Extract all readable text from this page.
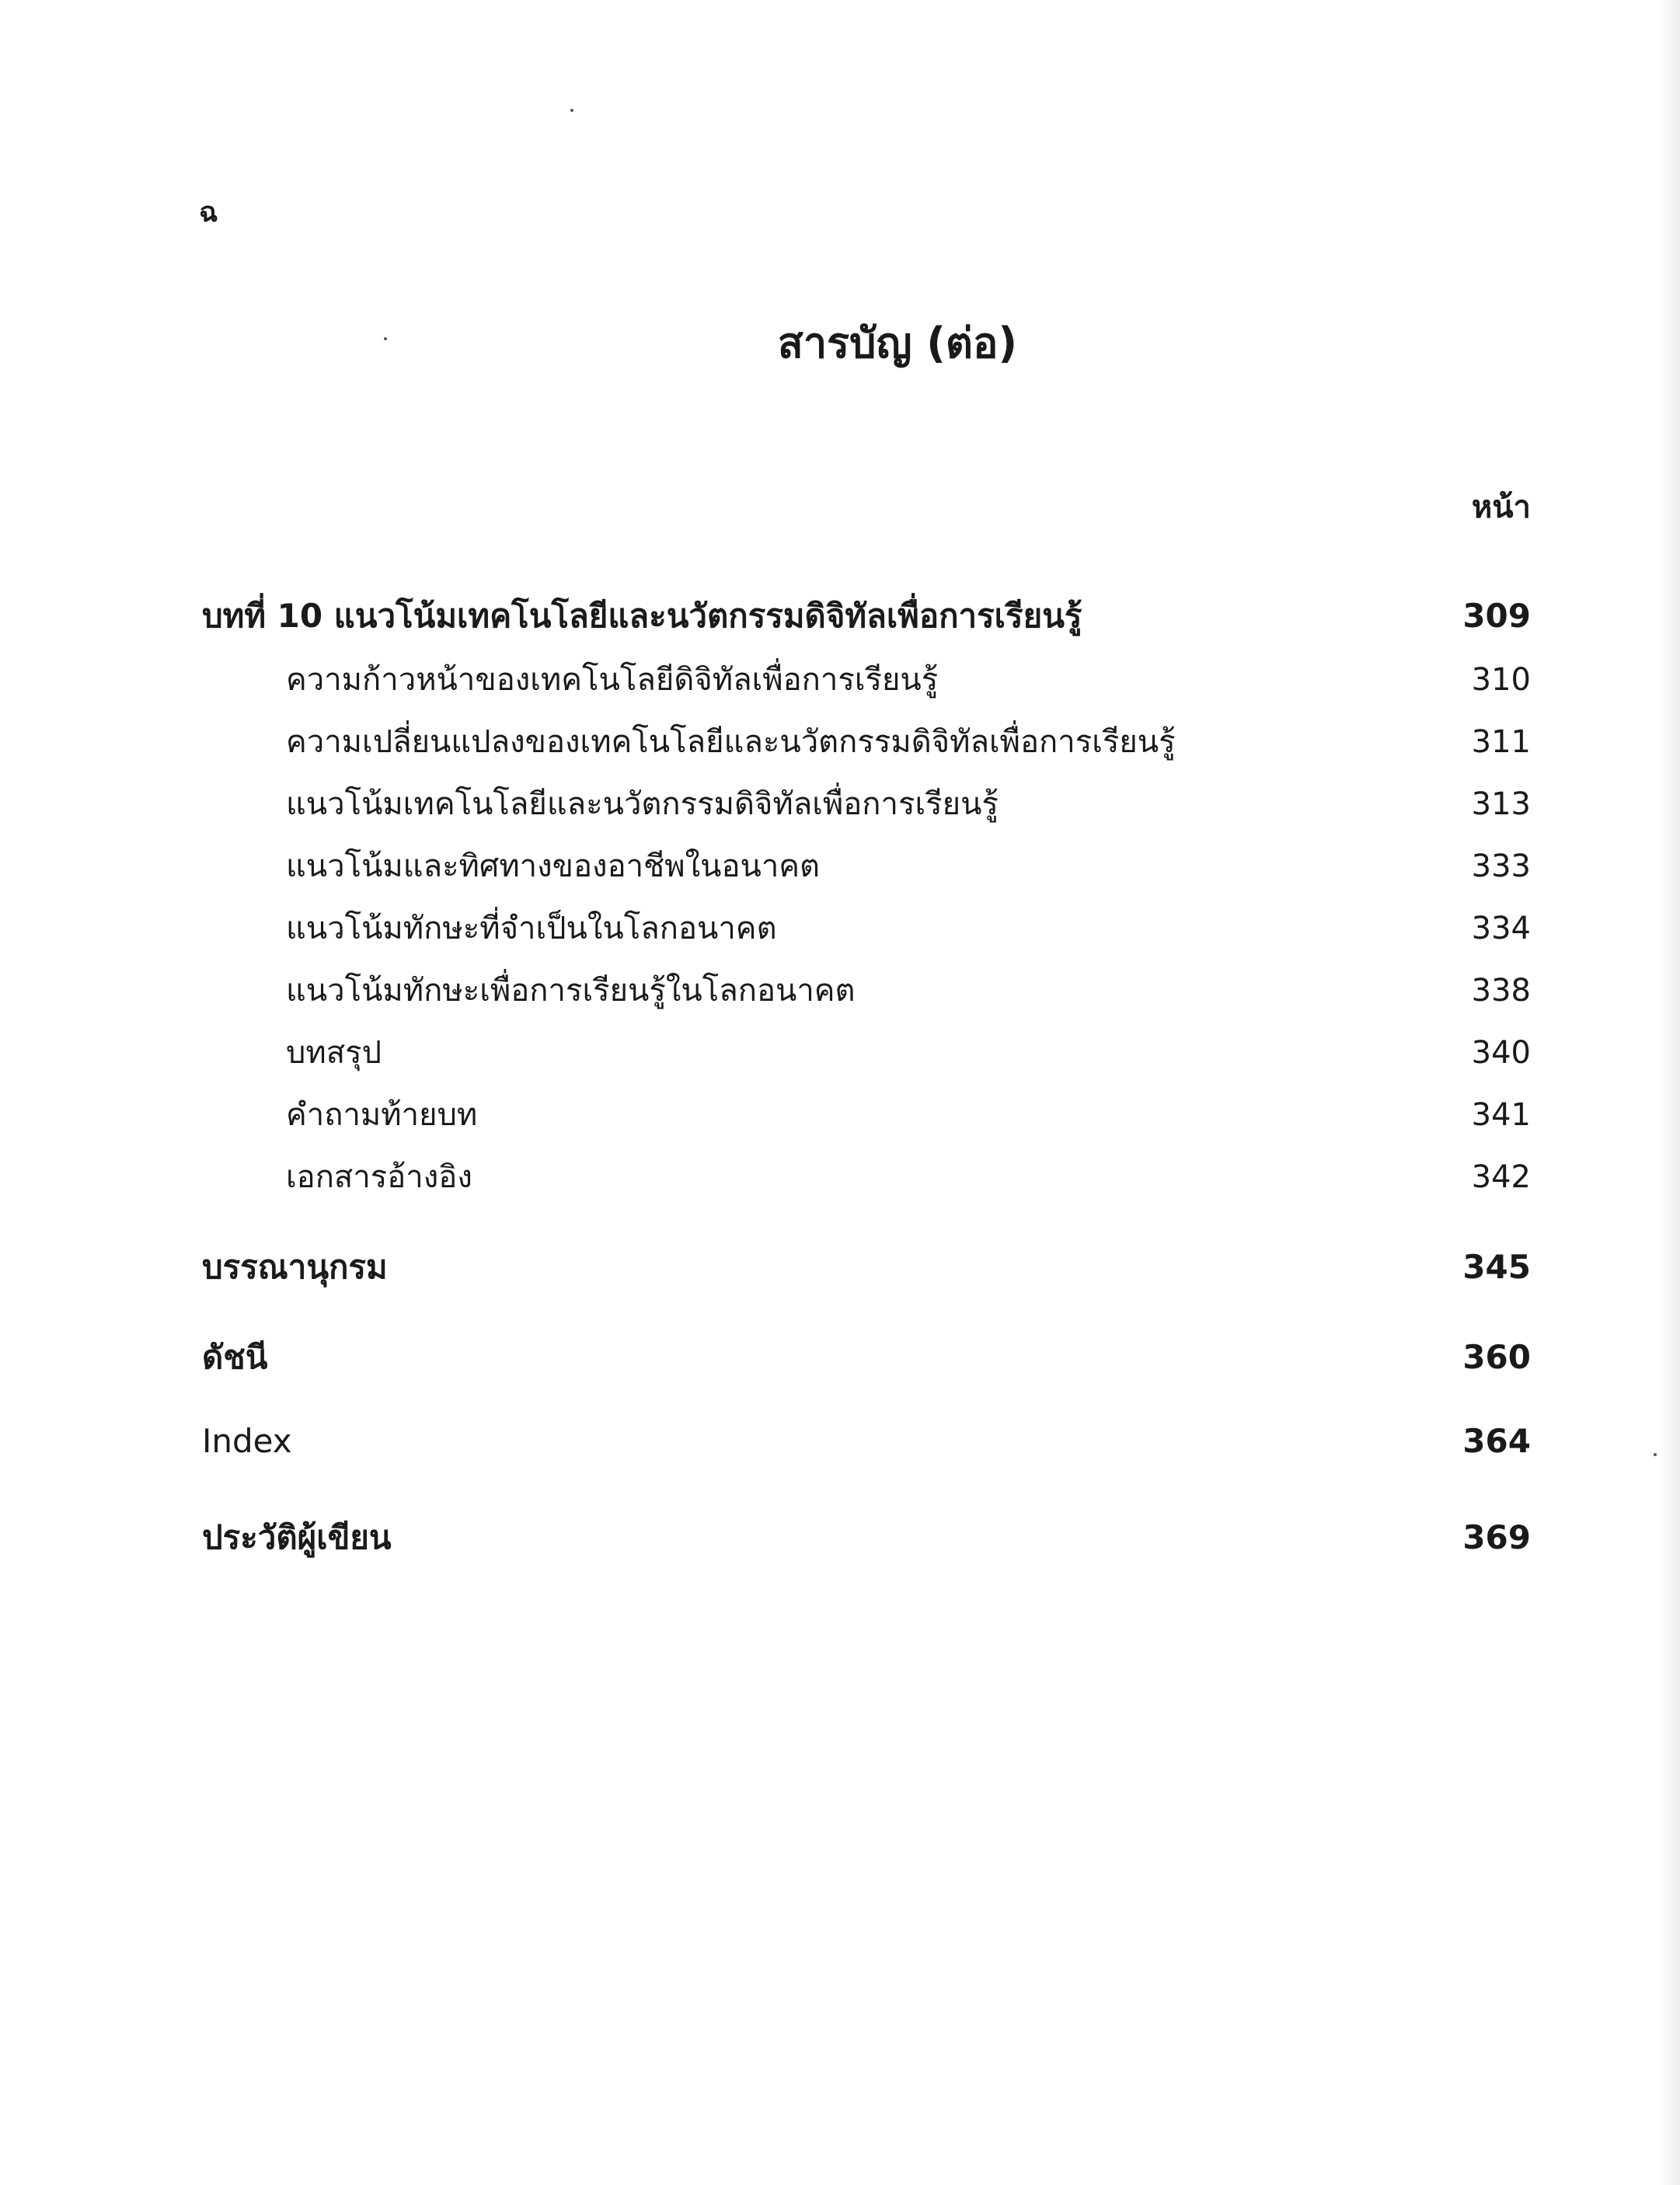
ฉ
สารบัญ (ต่อ)
หน้า
บทที่ 10 แนวโน้มเทคโนโลยีและนวัตกรรมดิจิทัลเพื่อการเรียนรู้	309
ความก้าวหน้าของเทคโนโลยีดิจิทัลเพื่อการเรียนรู้	310
ความเปลี่ยนแปลงของเทคโนโลยีและนวัตกรรมดิจิทัลเพื่อการเรียนรู้	311
แนวโน้มเทคโนโลยีและนวัตกรรมดิจิทัลเพื่อการเรียนรู้	313
แนวโน้มและทิศทางของอาชีพในอนาคต	333
แนวโน้มทักษะที่จำเป็นในโลกอนาคต	334
แนวโน้มทักษะเพื่อการเรียนรู้ในโลกอนาคต	338
บทสรุป	340
คำถามท้ายบท	341
เอกสารอ้างอิง	342
บรรณานุกรม	345
ดัชนี	360
Index	364
ประวัติผู้เขียน	369
